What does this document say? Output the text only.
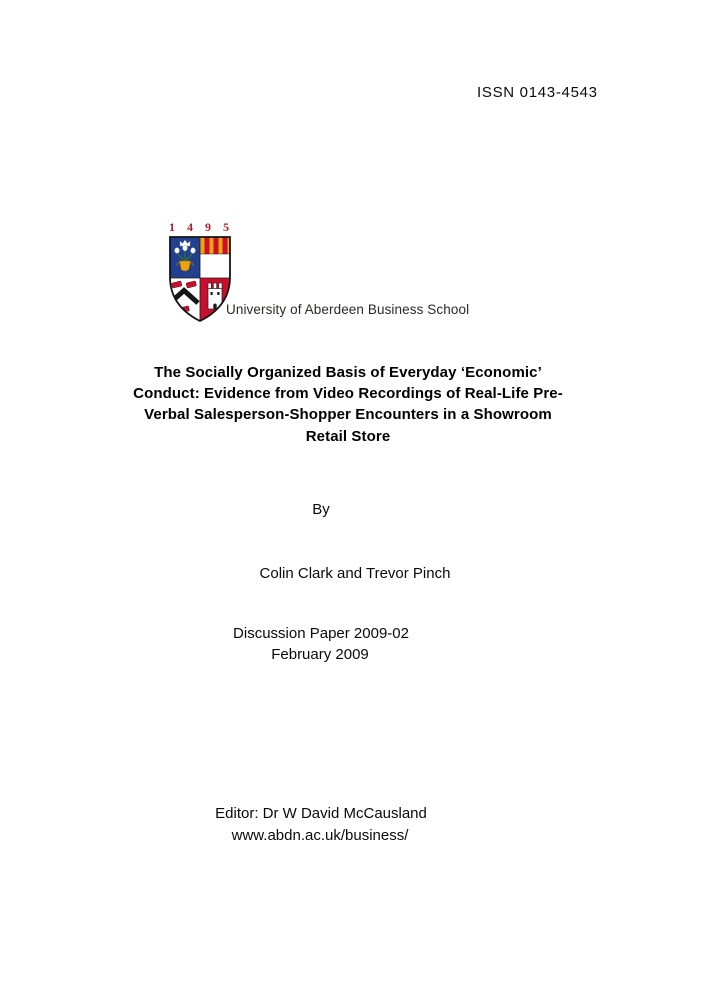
ISSN 0143-4543
1 4 9 5
University of Aberdeen Business School
The Socially Organized Basis of Everyday ‘Economic’
Conduct: Evidence from Video Recordings of Real-Life Pre-
Verbal Salesperson-Shopper Encounters in a Showroom
Retail Store
By
Colin Clark and Trevor Pinch
Discussion Paper 2009-02
February 2009
Editor: Dr W David McCausland
www.abdn.ac.uk/business/
